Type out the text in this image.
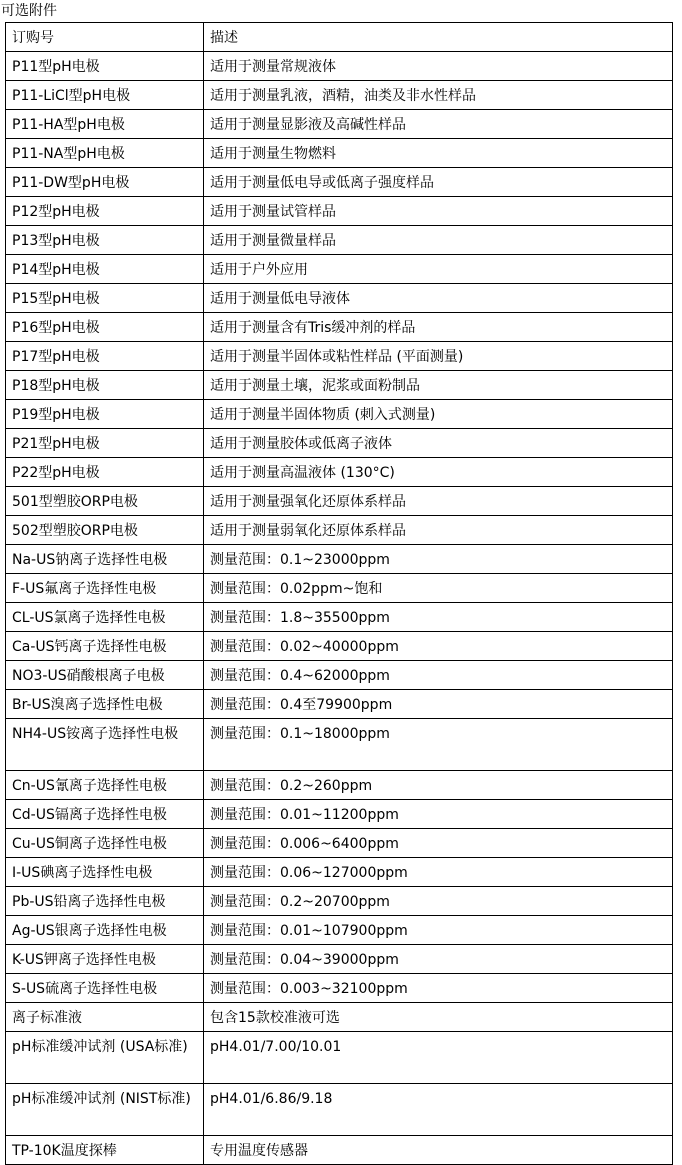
可选附件
订购号	描述
P11型pH电极	适用于测量常规液体
P11-LiCl型pH电极	适用于测量乳液，酒精，油类及非水性样品
P11-HA型pH电极	适用于测量显影液及高碱性样品
P11-NA型pH电极	适用于测量生物燃料
P11-DW型pH电极	适用于测量低电导或低离子强度样品
P12型pH电极	适用于测量试管样品
P13型pH电极	适用于测量微量样品
P14型pH电极	适用于户外应用
P15型pH电极	适用于测量低电导液体
P16型pH电极	适用于测量含有Tris缓冲剂的样品
P17型pH电极	适用于测量半固体或粘性样品 (平面测量)
P18型pH电极	适用于测量土壤，泥浆或面粉制品
P19型pH电极	适用于测量半固体物质 (刺入式测量)
P21型pH电极	适用于测量胶体或低离子液体
P22型pH电极	适用于测量高温液体 (130°C)
501型塑胶ORP电极	适用于测量强氧化还原体系样品
502型塑胶ORP电极	适用于测量弱氧化还原体系样品
Na-US钠离子选择性电极	测量范围：0.1~23000ppm
F-US氟离子选择性电极	测量范围：0.02ppm~饱和
CL-US氯离子选择性电极	测量范围：1.8~35500ppm
Ca-US钙离子选择性电极	测量范围：0.02~40000ppm
NO3-US硝酸根离子电极	测量范围：0.4~62000ppm
Br-US溴离子选择性电极	测量范围：0.4至79900ppm
NH4-US铵离子选择性电极	测量范围：0.1~18000ppm
Cn-US氰离子选择性电极	测量范围：0.2~260ppm
Cd-US镉离子选择性电极	测量范围：0.01~11200ppm
Cu-US铜离子选择性电极	测量范围：0.006~6400ppm
I-US碘离子选择性电极	测量范围：0.06~127000ppm
Pb-US铅离子选择性电极	测量范围：0.2~20700ppm
Ag-US银离子选择性电极	测量范围：0.01~107900ppm
K-US钾离子选择性电极	测量范围：0.04~39000ppm
S-US硫离子选择性电极	测量范围：0.003~32100ppm
离子标准液	包含15款校准液可选
pH标准缓冲试剂 (USA标准)	pH4.01/7.00/10.01
pH标准缓冲试剂 (NIST标准)	pH4.01/6.86/9.18
TP-10K温度探棒	专用温度传感器
